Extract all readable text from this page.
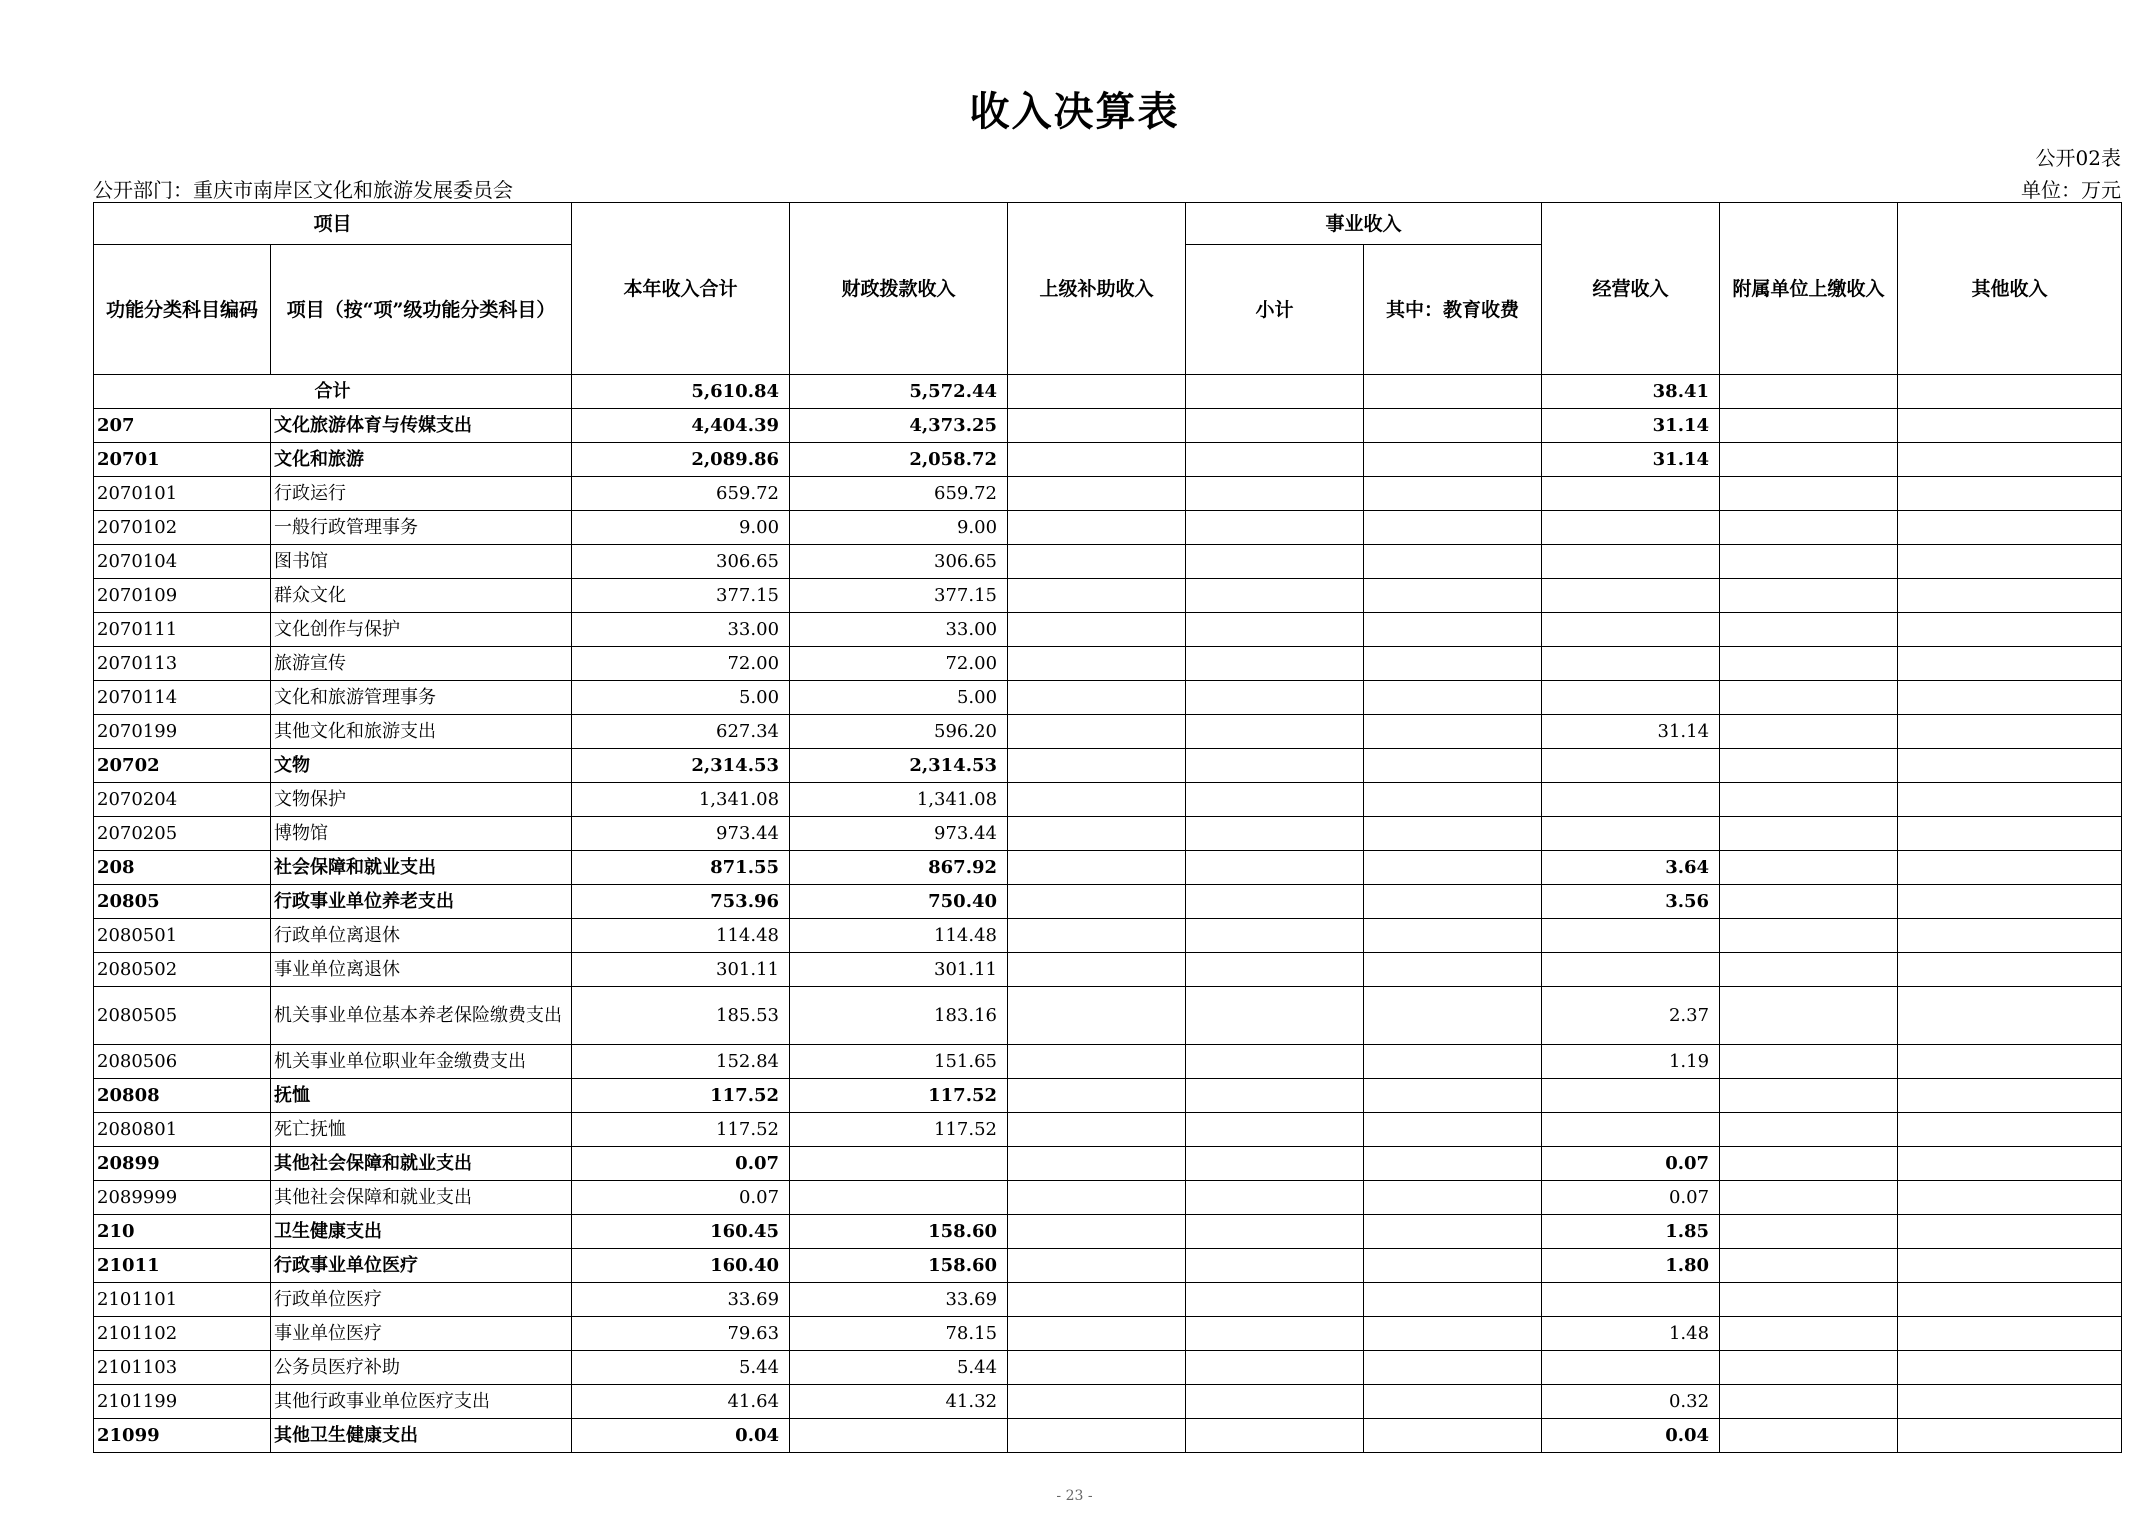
收入决算表
公开02表
公开部门：重庆市南岸区文化和旅游发展委员会	单位：万元
项目		本年收入合计	财政拨款收入	上级补助收入	事业收入		经营收入	附属单位上缴收入	其他收入
功能分类科目编码	项目（按“项”级功能分类科目）				小计	其中：教育收费			
合计		5,610.84	5,572.44				38.41		
207	文化旅游体育与传媒支出	4,404.39	4,373.25				31.14		
20701	文化和旅游	2,089.86	2,058.72				31.14		
2070101	行政运行	659.72	659.72						
2070102	一般行政管理事务	9.00	9.00						
2070104	图书馆	306.65	306.65						
2070109	群众文化	377.15	377.15						
2070111	文化创作与保护	33.00	33.00						
2070113	旅游宣传	72.00	72.00						
2070114	文化和旅游管理事务	5.00	5.00						
2070199	其他文化和旅游支出	627.34	596.20				31.14		
20702	文物	2,314.53	2,314.53						
2070204	文物保护	1,341.08	1,341.08						
2070205	博物馆	973.44	973.44						
208	社会保障和就业支出	871.55	867.92				3.64		
20805	行政事业单位养老支出	753.96	750.40				3.56		
2080501	行政单位离退休	114.48	114.48						
2080502	事业单位离退休	301.11	301.11						
2080505	机关事业单位基本养老保险缴费支出	185.53	183.16				2.37		
2080506	机关事业单位职业年金缴费支出	152.84	151.65				1.19		
20808	抚恤	117.52	117.52						
2080801	死亡抚恤	117.52	117.52						
20899	其他社会保障和就业支出	0.07					0.07		
2089999	其他社会保障和就业支出	0.07					0.07		
210	卫生健康支出	160.45	158.60				1.85		
21011	行政事业单位医疗	160.40	158.60				1.80		
2101101	行政单位医疗	33.69	33.69						
2101102	事业单位医疗	79.63	78.15				1.48		
2101103	公务员医疗补助	5.44	5.44						
2101199	其他行政事业单位医疗支出	41.64	41.32				0.32		
21099	其他卫生健康支出	0.04					0.04		
- 23 -
